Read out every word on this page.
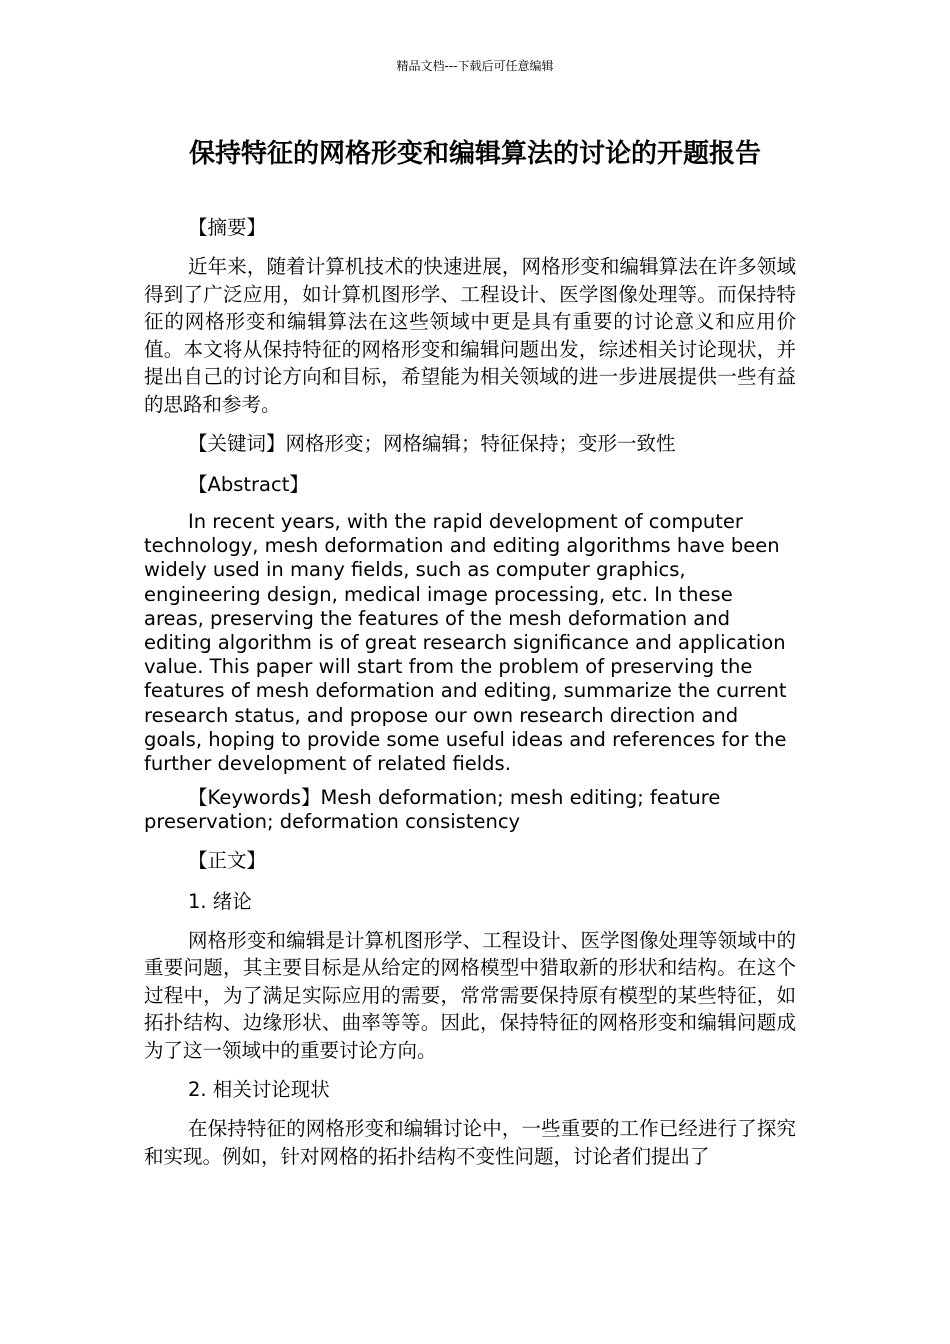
精品文档---下载后可任意编辑
保持特征的网格形变和编辑算法的讨论的开题报告

【摘要】

近年来，随着计算机技术的快速进展，网格形变和编辑算法在许多领域得到了广泛应用，如计算机图形学、工程设计、医学图像处理等。而保持特征的网格形变和编辑算法在这些领域中更是具有重要的讨论意义和应用价值。本文将从保持特征的网格形变和编辑问题出发，综述相关讨论现状，并提出自己的讨论方向和目标，希望能为相关领域的进一步进展提供一些有益的思路和参考。

【关键词】网格形变；网格编辑；特征保持；变形一致性

【Abstract】

In recent years, with the rapid development of computer technology, mesh deformation and editing algorithms have been widely used in many fields, such as computer graphics, engineering design, medical image processing, etc. In these areas, preserving the features of the mesh deformation and editing algorithm is of great research significance and application value. This paper will start from the problem of preserving the features of mesh deformation and editing, summarize the current research status, and propose our own research direction and goals, hoping to provide some useful ideas and references for the further development of related fields.

【Keywords】Mesh deformation; mesh editing; feature preservation; deformation consistency

【正文】

1. 绪论

网格形变和编辑是计算机图形学、工程设计、医学图像处理等领域中的重要问题，其主要目标是从给定的网格模型中猎取新的形状和结构。在这个过程中，为了满足实际应用的需要，常常需要保持原有模型的某些特征，如拓扑结构、边缘形状、曲率等等。因此，保持特征的网格形变和编辑问题成为了这一领域中的重要讨论方向。

2. 相关讨论现状

在保持特征的网格形变和编辑讨论中，一些重要的工作已经进行了探究和实现。例如，针对网格的拓扑结构不变性问题，讨论者们提出了
